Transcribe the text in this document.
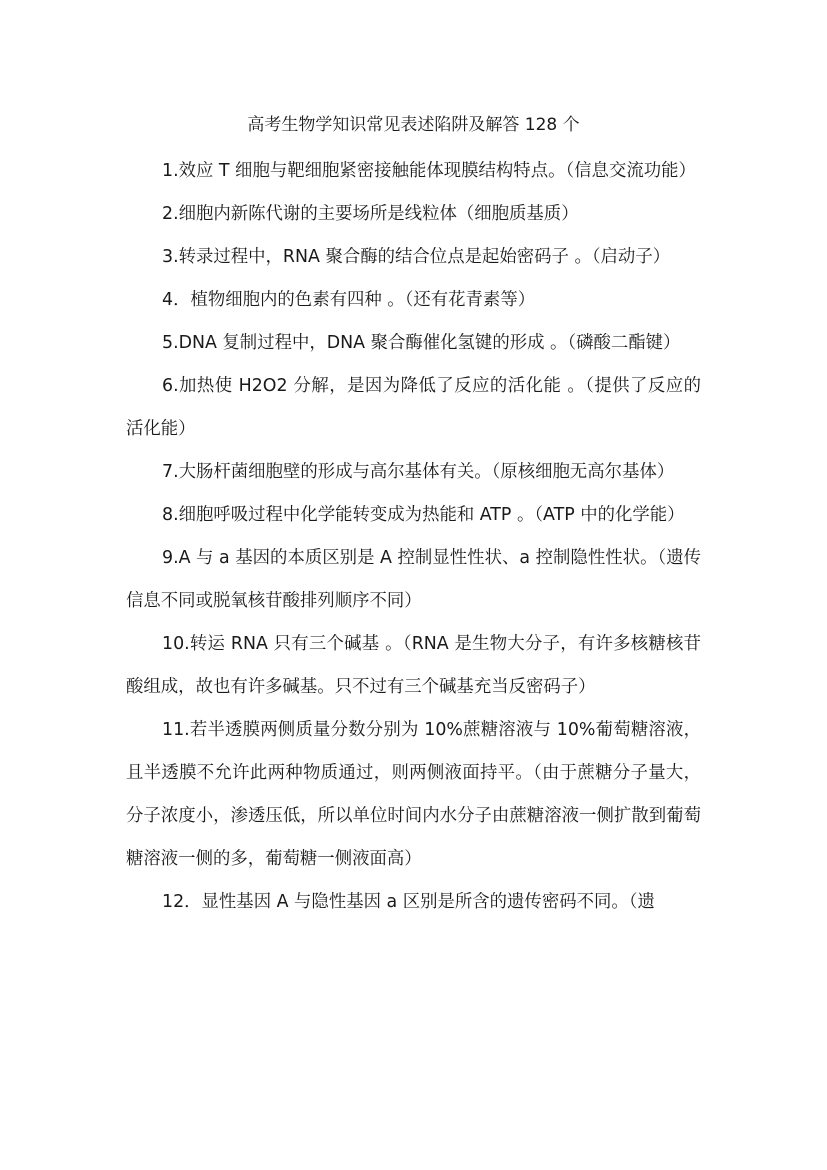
高考生物学知识常见表述陷阱及解答 128 个

1.效应 T 细胞与靶细胞紧密接触能体现膜结构特点。（信息交流功能）

2.细胞内新陈代谢的主要场所是线粒体（细胞质基质）

3.转录过程中，RNA 聚合酶的结合位点是起始密码子 。（启动子）

4．植物细胞内的色素有四种 。（还有花青素等）

5.DNA 复制过程中，DNA 聚合酶催化氢键的形成 。（磷酸二酯键）

6.加热使 H2O2 分解，是因为降低了反应的活化能 。（提供了反应的活化能）

7.大肠杆菌细胞壁的形成与高尔基体有关。（原核细胞无高尔基体）

8.细胞呼吸过程中化学能转变成为热能和 ATP 。（ATP 中的化学能）

9.A 与 a 基因的本质区别是 A 控制显性性状、a 控制隐性性状。（遗传信息不同或脱氧核苷酸排列顺序不同）

10.转运 RNA 只有三个碱基 。（RNA 是生物大分子，有许多核糖核苷酸组成，故也有许多碱基。只不过有三个碱基充当反密码子）

11.若半透膜两侧质量分数分别为 10%蔗糖溶液与 10%葡萄糖溶液，且半透膜不允许此两种物质通过，则两侧液面持平。（由于蔗糖分子量大，分子浓度小，渗透压低，所以单位时间内水分子由蔗糖溶液一侧扩散到葡萄糖溶液一侧的多，葡萄糖一侧液面高）

12．显性基因 A 与隐性基因 a 区别是所含的遗传密码不同。（遗
